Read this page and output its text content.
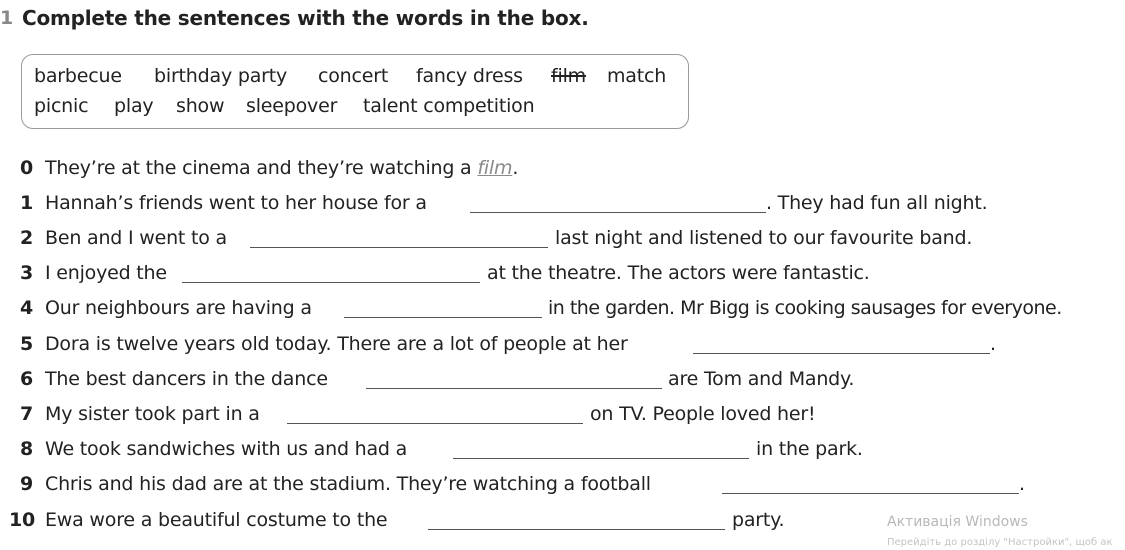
1 Complete the sentences with the words in the box.
barbecue birthday party concert fancy dress film match
picnic play show sleepover talent competition
0 They’re at the cinema and they’re watching a film.
1 Hannah’s friends went to her house for a	. They had fun all night.
2 Ben and I went to a	last night and listened to our favourite band.
3 I enjoyed the	at the theatre. The actors were fantastic.
4 Our neighbours are having a	in the garden. Mr Bigg is cooking sausages for everyone.
5 Dora is twelve years old today. There are a lot of people at her	.
6 The best dancers in the dance	are Tom and Mandy.
7 My sister took part in a	on TV. People loved her!
8 We took sandwiches with us and had a	in the park.
9 Chris and his dad are at the stadium. They’re watching a football	.
10 Ewa wore a beautiful costume to the	party.	Активація Windows
Перейдіть до розділу "Настройки", щоб ак
